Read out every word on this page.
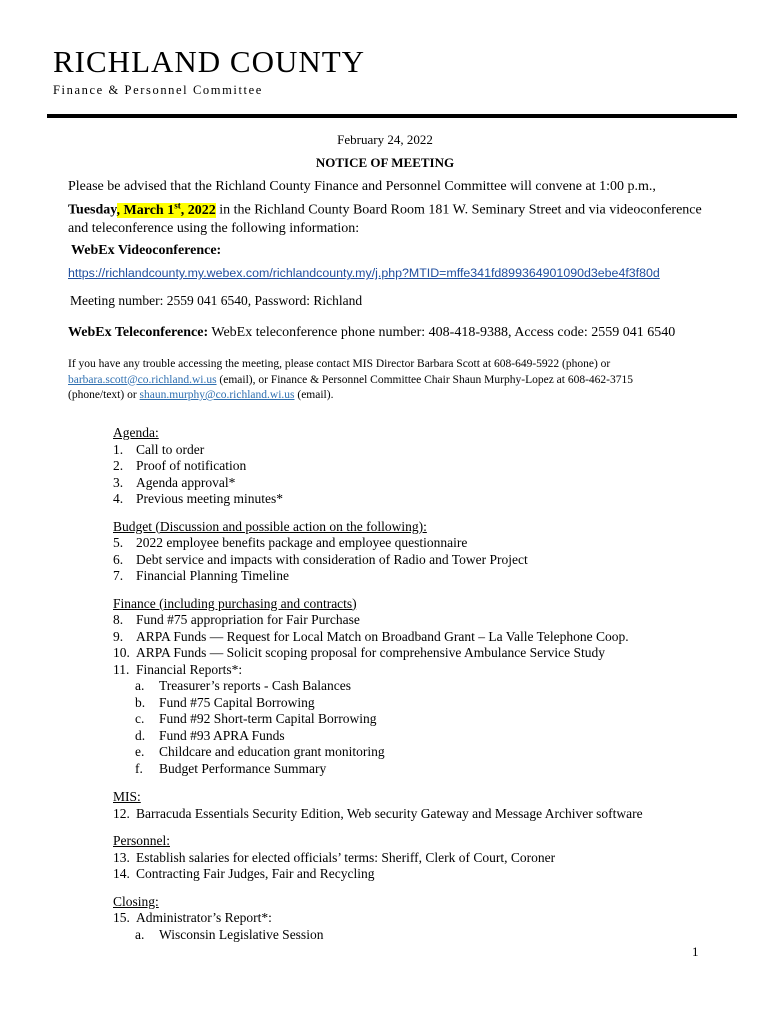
RICHLAND COUNTY
Finance & Personnel Committee
February 24, 2022
NOTICE OF MEETING
Please be advised that the Richland County Finance and Personnel Committee will convene at 1:00 p.m.,
Tuesday, March 1st, 2022 in the Richland County Board Room 181 W. Seminary Street and via videoconference
and teleconference using the following information:
WebEx Videoconference:
https://richlandcounty.my.webex.com/richlandcounty.my/j.php?MTID=mffe341fd899364901090d3ebe4f3f80d
Meeting number: 2559 041 6540, Password: Richland
WebEx Teleconference: WebEx teleconference phone number: 408-418-9388, Access code: 2559 041 6540
If you have any trouble accessing the meeting, please contact MIS Director Barbara Scott at 608-649-5922 (phone) or
barbara.scott@co.richland.wi.us (email), or Finance & Personnel Committee Chair Shaun Murphy-Lopez at 608-462-3715
(phone/text) or shaun.murphy@co.richland.wi.us (email).
Agenda:
1. Call to order
2. Proof of notification
3. Agenda approval*
4. Previous meeting minutes*
Budget (Discussion and possible action on the following):
5. 2022 employee benefits package and employee questionnaire
6. Debt service and impacts with consideration of Radio and Tower Project
7. Financial Planning Timeline
Finance (including purchasing and contracts)
8. Fund #75 appropriation for Fair Purchase
9. ARPA Funds — Request for Local Match on Broadband Grant – La Valle Telephone Coop.
10. ARPA Funds — Solicit scoping proposal for comprehensive Ambulance Service Study
11. Financial Reports*:
a.	Treasurer’s reports - Cash Balances
b.	Fund #75 Capital Borrowing
c.	Fund #92 Short-term Capital Borrowing
d.	Fund #93 APRA Funds
e.	Childcare and education grant monitoring
f.	Budget Performance Summary
MIS:
12. Barracuda Essentials Security Edition, Web security Gateway and Message Archiver software
Personnel:
13. Establish salaries for elected officials’ terms: Sheriff, Clerk of Court, Coroner
14. Contracting Fair Judges, Fair and Recycling
Closing:
15. Administrator’s Report*:
a.	Wisconsin Legislative Session
1
